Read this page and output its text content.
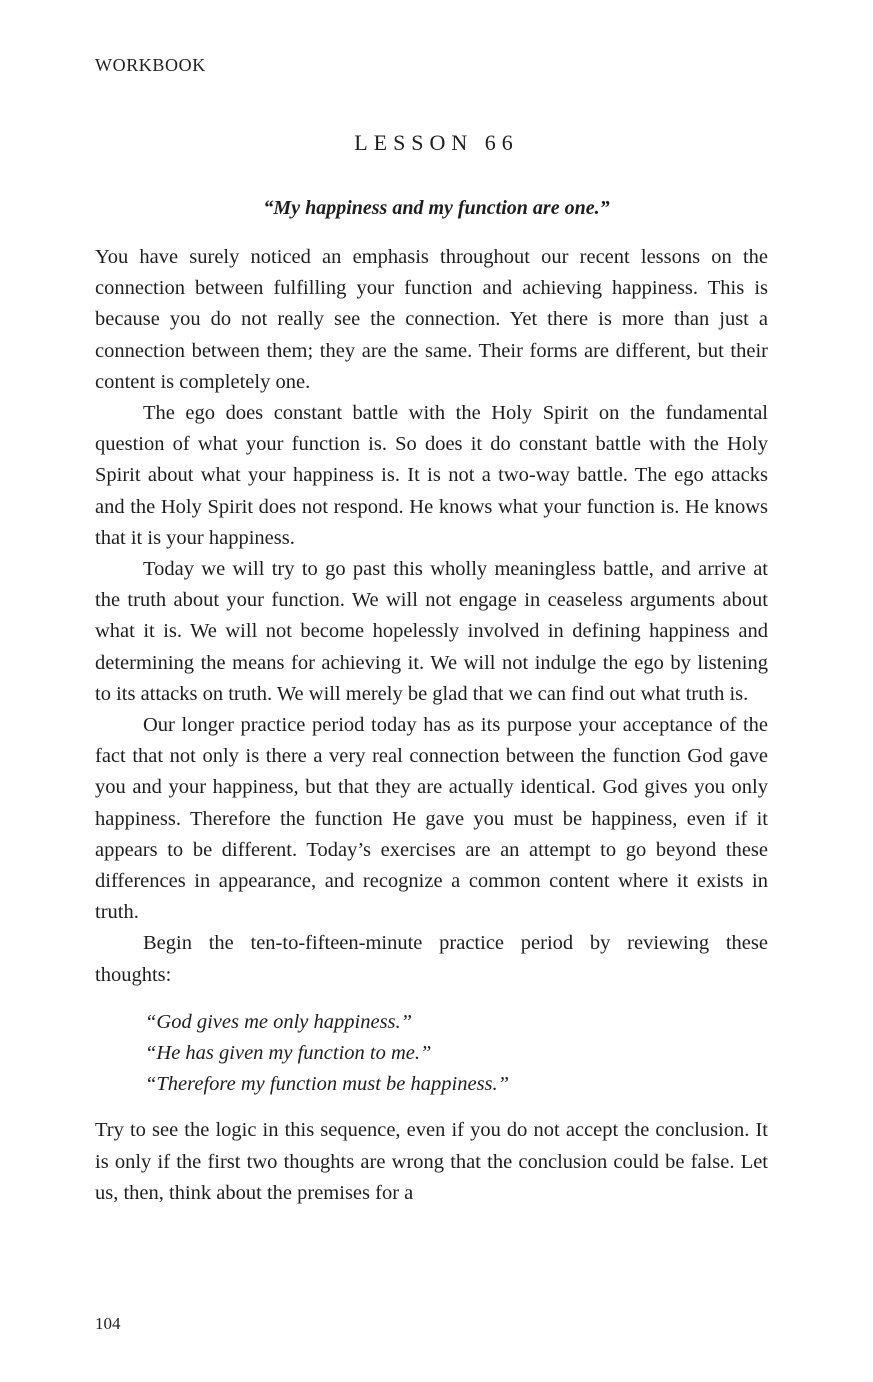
WORKBOOK
LESSON 66
“My happiness and my function are one.”

You have surely noticed an emphasis throughout our recent lessons on the connection between fulfilling your function and achieving happiness. This is because you do not really see the connection. Yet there is more than just a connection between them; they are the same. Their forms are different, but their content is completely one.

The ego does constant battle with the Holy Spirit on the fundamental question of what your function is. So does it do constant battle with the Holy Spirit about what your happiness is. It is not a two-way battle. The ego attacks and the Holy Spirit does not respond. He knows what your function is. He knows that it is your happiness.

Today we will try to go past this wholly meaningless battle, and arrive at the truth about your function. We will not engage in ceaseless arguments about what it is. We will not become hopelessly involved in defining happiness and determining the means for achieving it. We will not indulge the ego by listening to its attacks on truth. We will merely be glad that we can find out what truth is.

Our longer practice period today has as its purpose your acceptance of the fact that not only is there a very real connection between the function God gave you and your happiness, but that they are actually identical. God gives you only happiness. Therefore the function He gave you must be happiness, even if it appears to be different. Today’s exercises are an attempt to go beyond these differences in appearance, and recognize a common content where it exists in truth.

Begin the ten-to-fifteen-minute practice period by reviewing these thoughts:

“God gives me only happiness.”
“He has given my function to me.”
“Therefore my function must be happiness.”

Try to see the logic in this sequence, even if you do not accept the conclusion. It is only if the first two thoughts are wrong that the conclusion could be false. Let us, then, think about the premises for a

104
